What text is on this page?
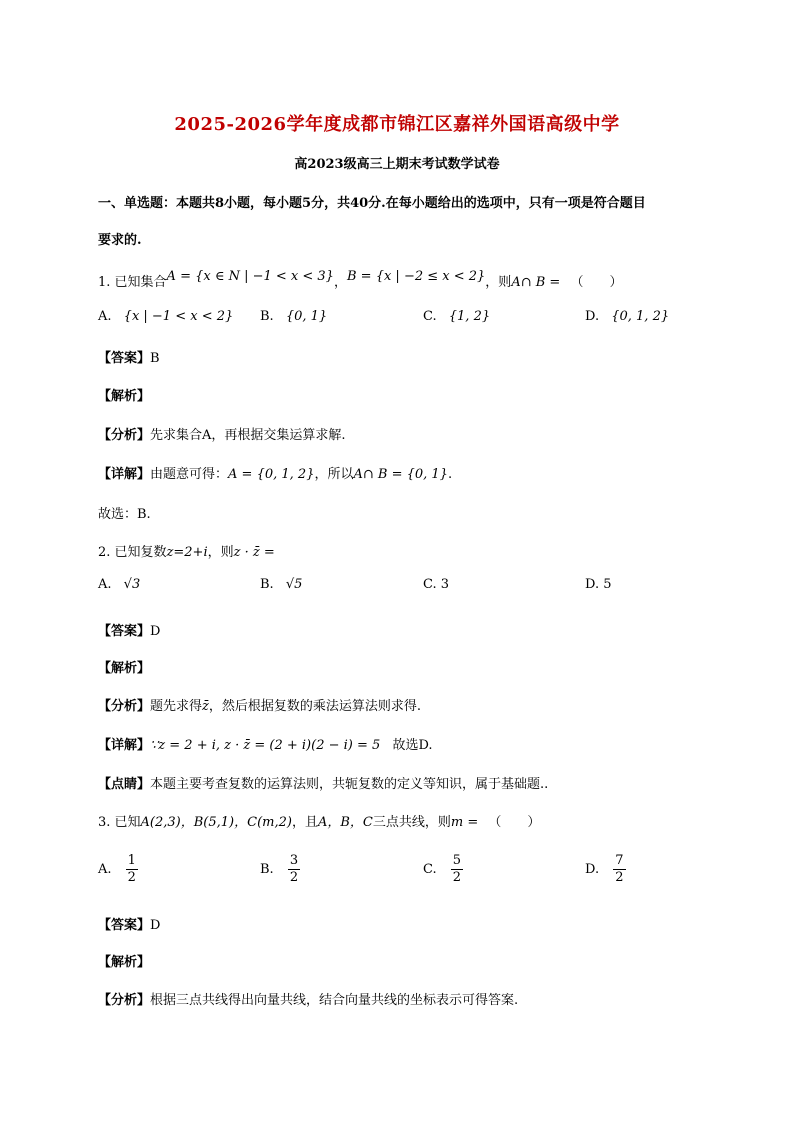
2025-2026学年度成都市锦江区嘉祥外国语高级中学
高2023级高三上期末考试数学试卷
一、单选题：本题共8小题，每小题5分，共40分.在每小题给出的选项中，只有一项是符合题目
要求的.
1. 已知集合A = {x ∈ N | −1 < x < 3}，B = {x | −2 ≤ x < 2}，则A∩ B = （　　）
A. {x | −1 < x < 2} B. {0, 1}	C. {1, 2}	D. {0, 1, 2}
【答案】B
【解析】
【分析】先求集合A，再根据交集运算求解.
【详解】由题意可得：A = {0, 1, 2}，所以A∩ B = {0, 1}.
故选：B.
2. 已知复数z=2+i，则z · z̄ =
A. √3	B. √5	C. 3	D. 5
【答案】D
【解析】
【分析】题先求得z̄，然后根据复数的乘法运算法则求得.
【详解】∵z = 2 + i, z · z̄ = (2 + i)(2 − i) = 5 故选D.
【点睛】本题主要考查复数的运算法则，共轭复数的定义等知识，属于基础题..
3. 已知A(2,3)，B(5,1)，C(m,2)，且A，B，C三点共线，则m = （　　）
A. $\frac{1}{2}$	B. $\frac{3}{2}$	C. $\frac{5}{2}$	D. $\frac{7}{2}$
【答案】D
【解析】
【分析】根据三点共线得出向量共线，结合向量共线的坐标表示可得答案.
